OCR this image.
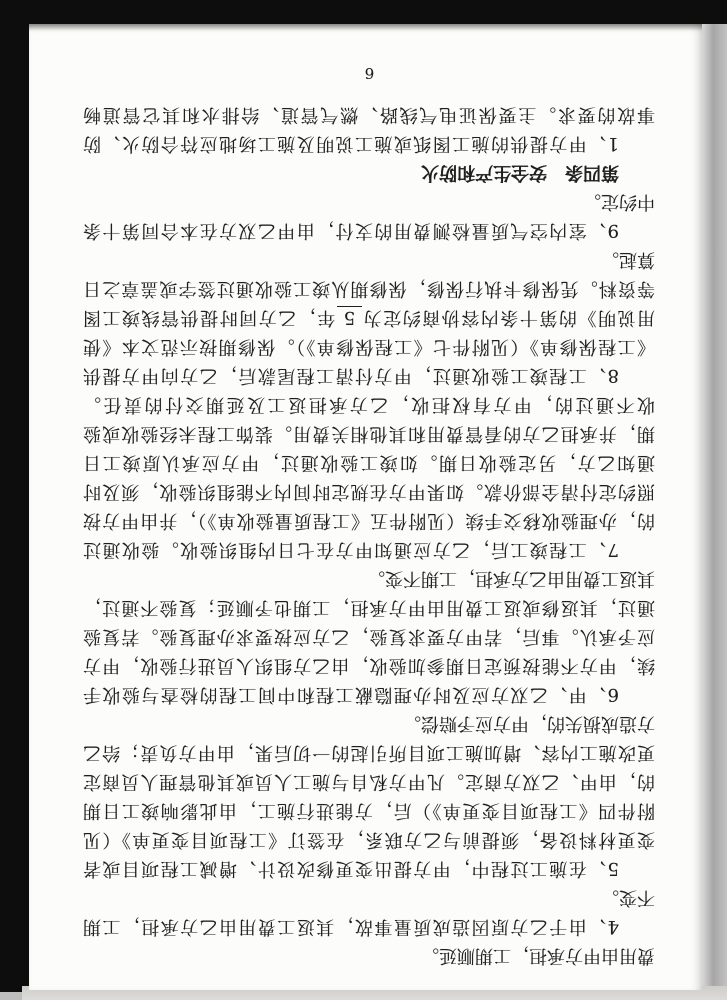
费用由甲方承担，工期顺延。
4、由于乙方原因造成质量事故，其返工费用由乙方承担，工期
不变。
5、在施工过程中，甲方提出变更修改设计、增减工程项目或者
变更材料设备，须提前与乙方联系，在签订《工程项目变更单》（见
附件四《工程项目变更单》）后，方能进行施工，由此影响竣工日期
的，由甲、乙双方商定。凡甲方私自与施工人员或其他管理人员商定
更改施工内容、增加施工项目所引起的一切后果，由甲方负责；给乙
方造成损失的，甲方应予赔偿。
6、甲、乙双方应及时办理隐蔽工程和中间工程的检查与验收手
续，甲方不能按预定日期参加验收，由乙方组织人员进行验收，甲方
应予承认。事后，若甲方要求复验，乙方应按要求办理复验。若复验
通过，其返修或返工费用由甲方承担，工期也予顺延；复验不通过，
其返工费用由乙方承担，工期不变。
7、工程竣工后，乙方应通知甲方在七日内组织验收。验收通过
的，办理验收移交手续（见附件五《工程质量验收单》），并由甲方按
照约定付清全部价款。如果甲方在规定时间内不能组织验收，须及时
通知乙方，另定验收日期。如竣工验收通过，甲方应承认原竣工日
期，并承担乙方的看管费用和其他相关费用。装饰工程未经验收或验
收不通过的，甲方有权拒收，乙方承担返工及延期交付的责任。
8、工程竣工验收通过，甲方付清工程尾款后，乙方向甲方提供
《工程保修单》（见附件七《工程保修单》）。保修期按示范文本《使
用说明》的第十条内容协商约定为5年，乙方同时提供管线竣工图
等资料。凭保修卡执行保修，保修期从竣工验收通过签字或盖章之日
算起。
9、室内空气质量检测费用的支付，由甲乙双方在本合同第十条
中约定。
第四条　安全生产和防火
1、甲方提供的施工图纸或施工说明及施工场地应符合防火、防
事故的要求。主要保证电气线路、燃气管道、给排水和其它管道畅
6
